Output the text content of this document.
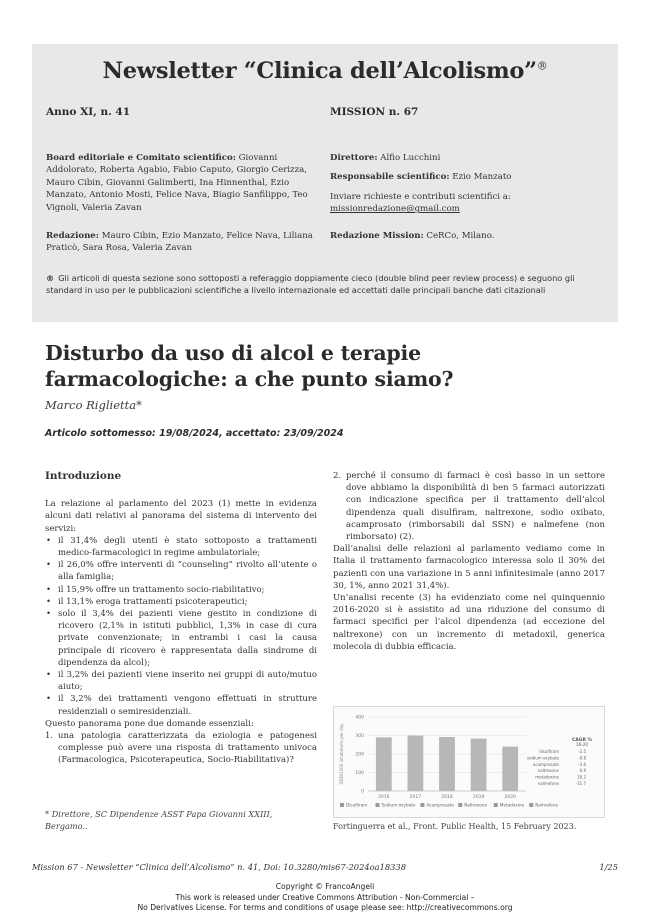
Newsletter “Clinica dell’Alcolismo”®
Anno XI, n. 41	MISSION n. 67
Board editoriale e Comitato scientifico: Giovanni Addolorato, Roberta Agabio, Fabio Caputo, Giorgio Cerizza, Mauro Cibin, Giovanni Galimberti, Ina Hinnenthal, Ezio Manzato, Antonio Mosti, Felice Nava, Biagio Sanfilippo, Teo Vignoli, Valeria Zavan
Redazione: Mauro Cibin, Ezio Manzato, Felice Nava, Liliana Praticò, Sara Rosa, Valeria Zavan

Direttore: Alfio Lucchini

Responsabile scientifico: Ezio Manzato

Inviare richieste e contributi scientifici a:
missionredazione@gmail.com

Redazione Mission: CeRCo, Milano.
® Gli articoli di questa sezione sono sottoposti a referaggio doppiamente cieco (double blind peer review process) e seguono gli standard in uso per le pubblicazioni scientifiche a livello internazionale ed accettati dalle principali banche dati citazionali
Disturbo da uso di alcol e terapie farmacologiche: a che punto siamo?
Marco Riglietta*
Articolo sottomesso: 19/08/2024, accettato: 23/09/2024
Introduzione

La relazione al parlamento del 2023 (1) mette in evidenza alcuni dati relativi al panorama del sistema di intervento dei servizi:

• il 31,4% degli utenti è stato sottoposto a trattamenti medico-farmacologici in regime ambulatoriale;
• il 26,0% offre interventi di “counseling” rivolto all’utente o alla famiglia;
• il 15,9% offre un trattamento socio-riabilitativo;
• il 13,1% eroga trattamenti psicoterapeutici;
• solo il 3,4% dei pazienti viene gestito in condizione di ricovero (2,1% in istituti pubblici, 1,3% in case di cura private convenzionate; in entrambi i casi la causa principale di ricovero è rappresentata dalla sindrome di dipendenza da alcol);
• il 3,2% dei pazienti viene inserito nei gruppi di auto/mutuo aiuto;
• il 3,2% dei trattamenti vengono effettuati in strutture residenziali o semiresidenziali.

Questo panorama pone due domande essenziali:

1. una patologia caratterizzata da eziologia e patogenesi complesse può avere una risposta di trattamento univoca (Farmacologica, Psicoterapeutica, Socio-Riabilitativa)?
2. perché il consumo di farmaci è così basso in un settore dove abbiamo la disponibilità di ben 5 farmaci autorizzati con indicazione specifica per il trattamento dell’alcol dipendenza quali disulfiram, naltrexone, sodio oxibato, acamprosato (rimborsabili dal SSN) e nalmefene (non rimborsato) (2).

Dall’analisi delle relazioni al parlamento vediamo come in Italia il trattamento farmacologico interessa solo il 30% dei pazienti con una variazione in 5 anni infinitesimale (anno 2017 30, 1%, anno 2021 31,4%).

Un’analisi recente (3) ha evidenziato come nel quinquennio 2016-2020 si è assistito ad una riduzione del consumo di farmaci specifici per l’alcol dipendenza (ad eccezione del naltrexone) con un incremento di metadoxil, generica molecola di dubbia efficacia.

DDD/1000 inhabitants per day
0
100
200
300
400
2016	2017	2018	2019	2020
Disulfiram	Sodium oxybate	Acamprosate Naltrexone	Metadoxine	Nalmefene
CAGR %
16-20
disulfiram	-2.5
sodium oxybate	-9.8
acamprosate	-3.6
naltrexone	6.9
metadoxine	16.2
nalmefene	-31.7
Fortinguerra et al., Front. Public Health, 15 February 2023.
* Direttore, SC Dipendenze ASST Papa Giovanni XXIII, Bergamo..
Mission 67 - Newsletter “Clinica dell’Alcolismo” n. 41, Doi: 10.3280/mis67-2024oa18338	1/25
Copyright © FrancoAngeli
This work is released under Creative Commons Attribution - Non-Commercial –
No Derivatives License. For terms and conditions of usage please see: http://creativecommons.org
